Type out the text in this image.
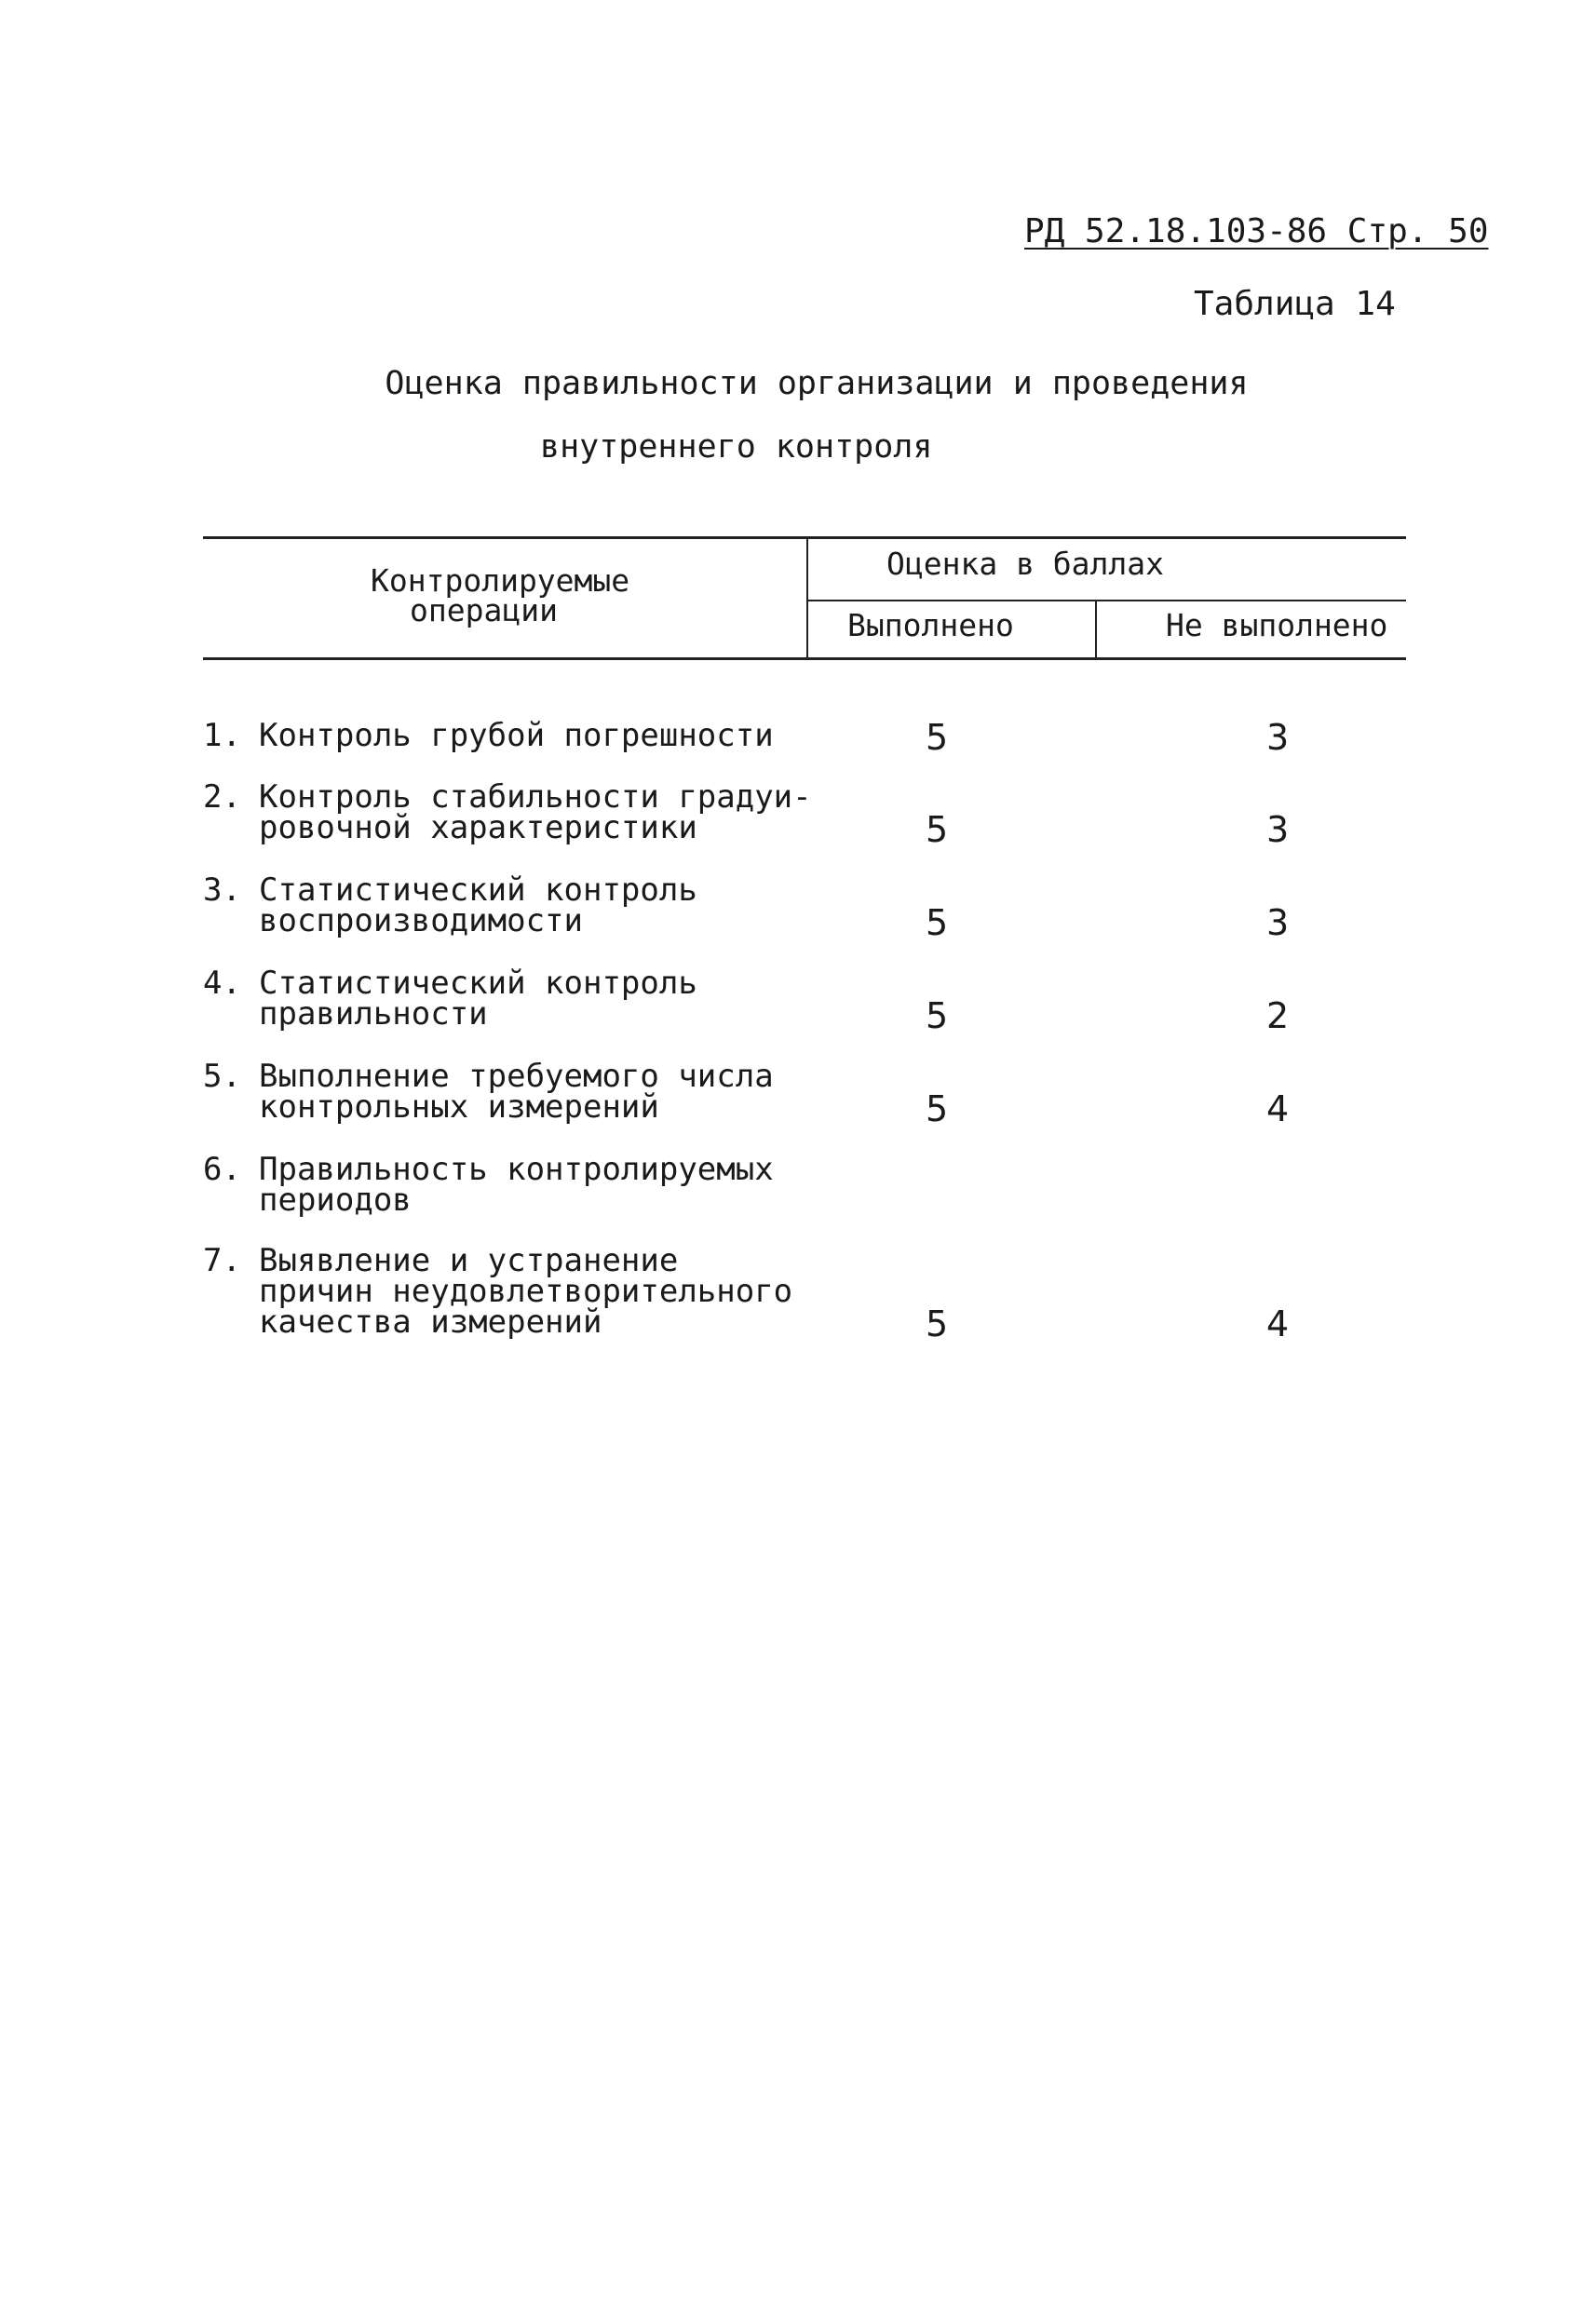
РД 52.18.103-86 Стр. 50
Таблица 14
Оценка правильности организации и проведения
внутреннего контроля
Контролируемые
операции
Оценка в баллах
Выполнено	Не выполнено
1. Контроль грубой погрешности	5	3
2. Контроль стабильности градуи-
ровочной характеристики	5	3
3. Статистический контроль
воспроизводимости	5	3
4. Статистический контроль
правильности	5	2
5. Выполнение требуемого числа
контрольных измерений	5	4
6. Правильность контролируемых
периодов
7. Выявление и устранение
причин неудовлетворительного
качества измерений	5	4
